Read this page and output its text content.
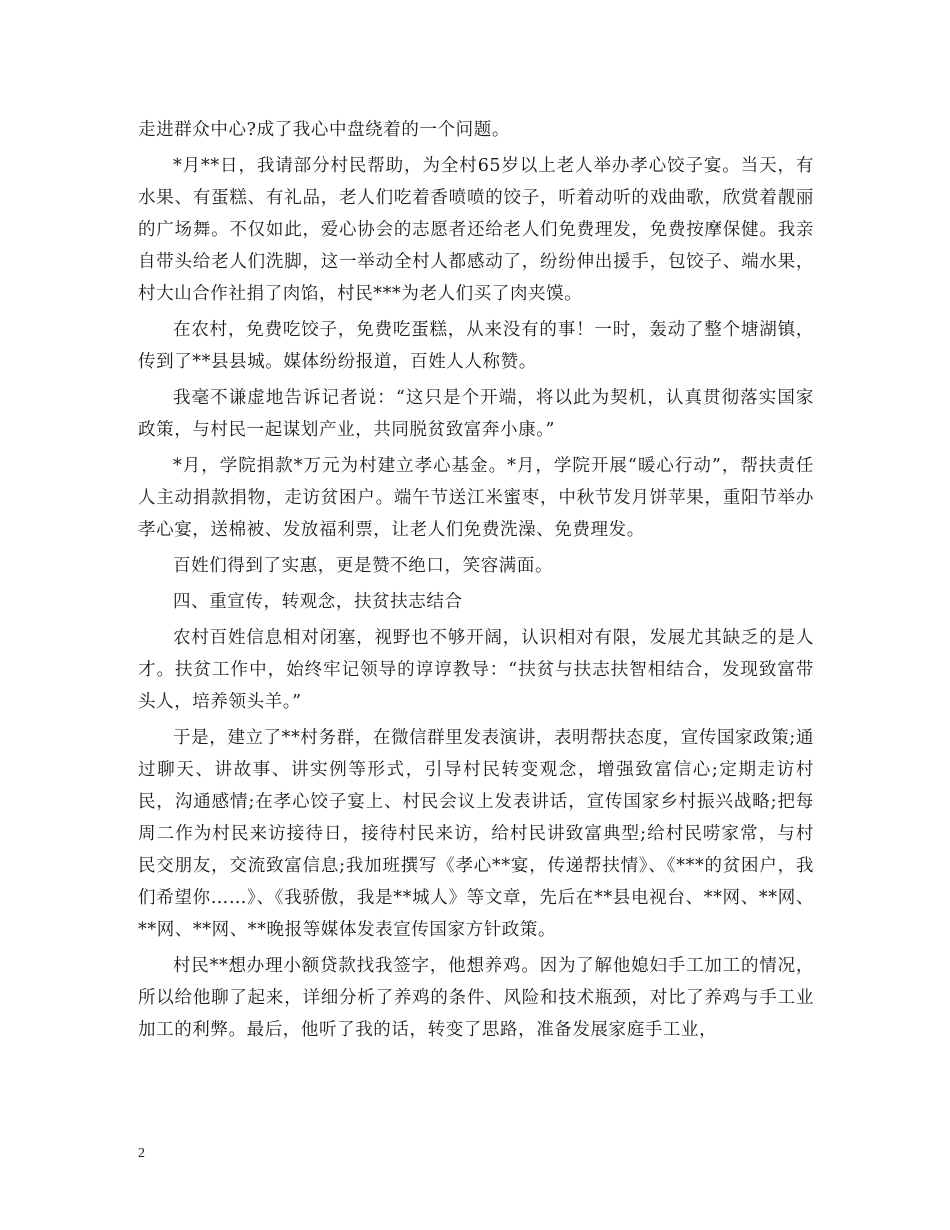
走进群众中心?成了我心中盘绕着的一个问题。

*月**日，我请部分村民帮助，为全村65岁以上老人举办孝心饺子宴。当天，有水果、有蛋糕、有礼品，老人们吃着香喷喷的饺子，听着动听的戏曲歌，欣赏着靓丽的广场舞。不仅如此，爱心协会的志愿者还给老人们免费理发，免费按摩保健。我亲自带头给老人们洗脚，这一举动全村人都感动了，纷纷伸出援手，包饺子、端水果，村大山合作社捐了肉馅，村民***为老人们买了肉夹馍。

在农村，免费吃饺子，免费吃蛋糕，从来没有的事！一时，轰动了整个塘湖镇，传到了**县县城。媒体纷纷报道，百姓人人称赞。

我毫不谦虚地告诉记者说：“这只是个开端，将以此为契机，认真贯彻落实国家政策，与村民一起谋划产业，共同脱贫致富奔小康。”

*月，学院捐款*万元为村建立孝心基金。*月，学院开展“暖心行动”，帮扶责任人主动捐款捐物，走访贫困户。端午节送江米蜜枣，中秋节发月饼苹果，重阳节举办孝心宴，送棉被、发放福利票，让老人们免费洗澡、免费理发。

百姓们得到了实惠，更是赞不绝口，笑容满面。

四、重宣传，转观念，扶贫扶志结合

农村百姓信息相对闭塞，视野也不够开阔，认识相对有限，发展尤其缺乏的是人才。扶贫工作中，始终牢记领导的谆谆教导：“扶贫与扶志扶智相结合，发现致富带头人，培养领头羊。”

于是，建立了**村务群，在微信群里发表演讲，表明帮扶态度，宣传国家政策;通过聊天、讲故事、讲实例等形式，引导村民转变观念，增强致富信心;定期走访村民，沟通感情;在孝心饺子宴上、村民会议上发表讲话，宣传国家乡村振兴战略;把每周二作为村民来访接待日，接待村民来访，给村民讲致富典型;给村民唠家常，与村民交朋友，交流致富信息;我加班撰写《孝心**宴，传递帮扶情》、《***的贫困户，我们希望你……》、《我骄傲，我是**城人》等文章，先后在**县电视台、**网、**网、**网、**网、**晚报等媒体发表宣传国家方针政策。

村民**想办理小额贷款找我签字，他想养鸡。因为了解他媳妇手工加工的情况，所以给他聊了起来，详细分析了养鸡的条件、风险和技术瓶颈，对比了养鸡与手工业加工的利弊。最后，他听了我的话，转变了思路，准备发展家庭手工业，

2
